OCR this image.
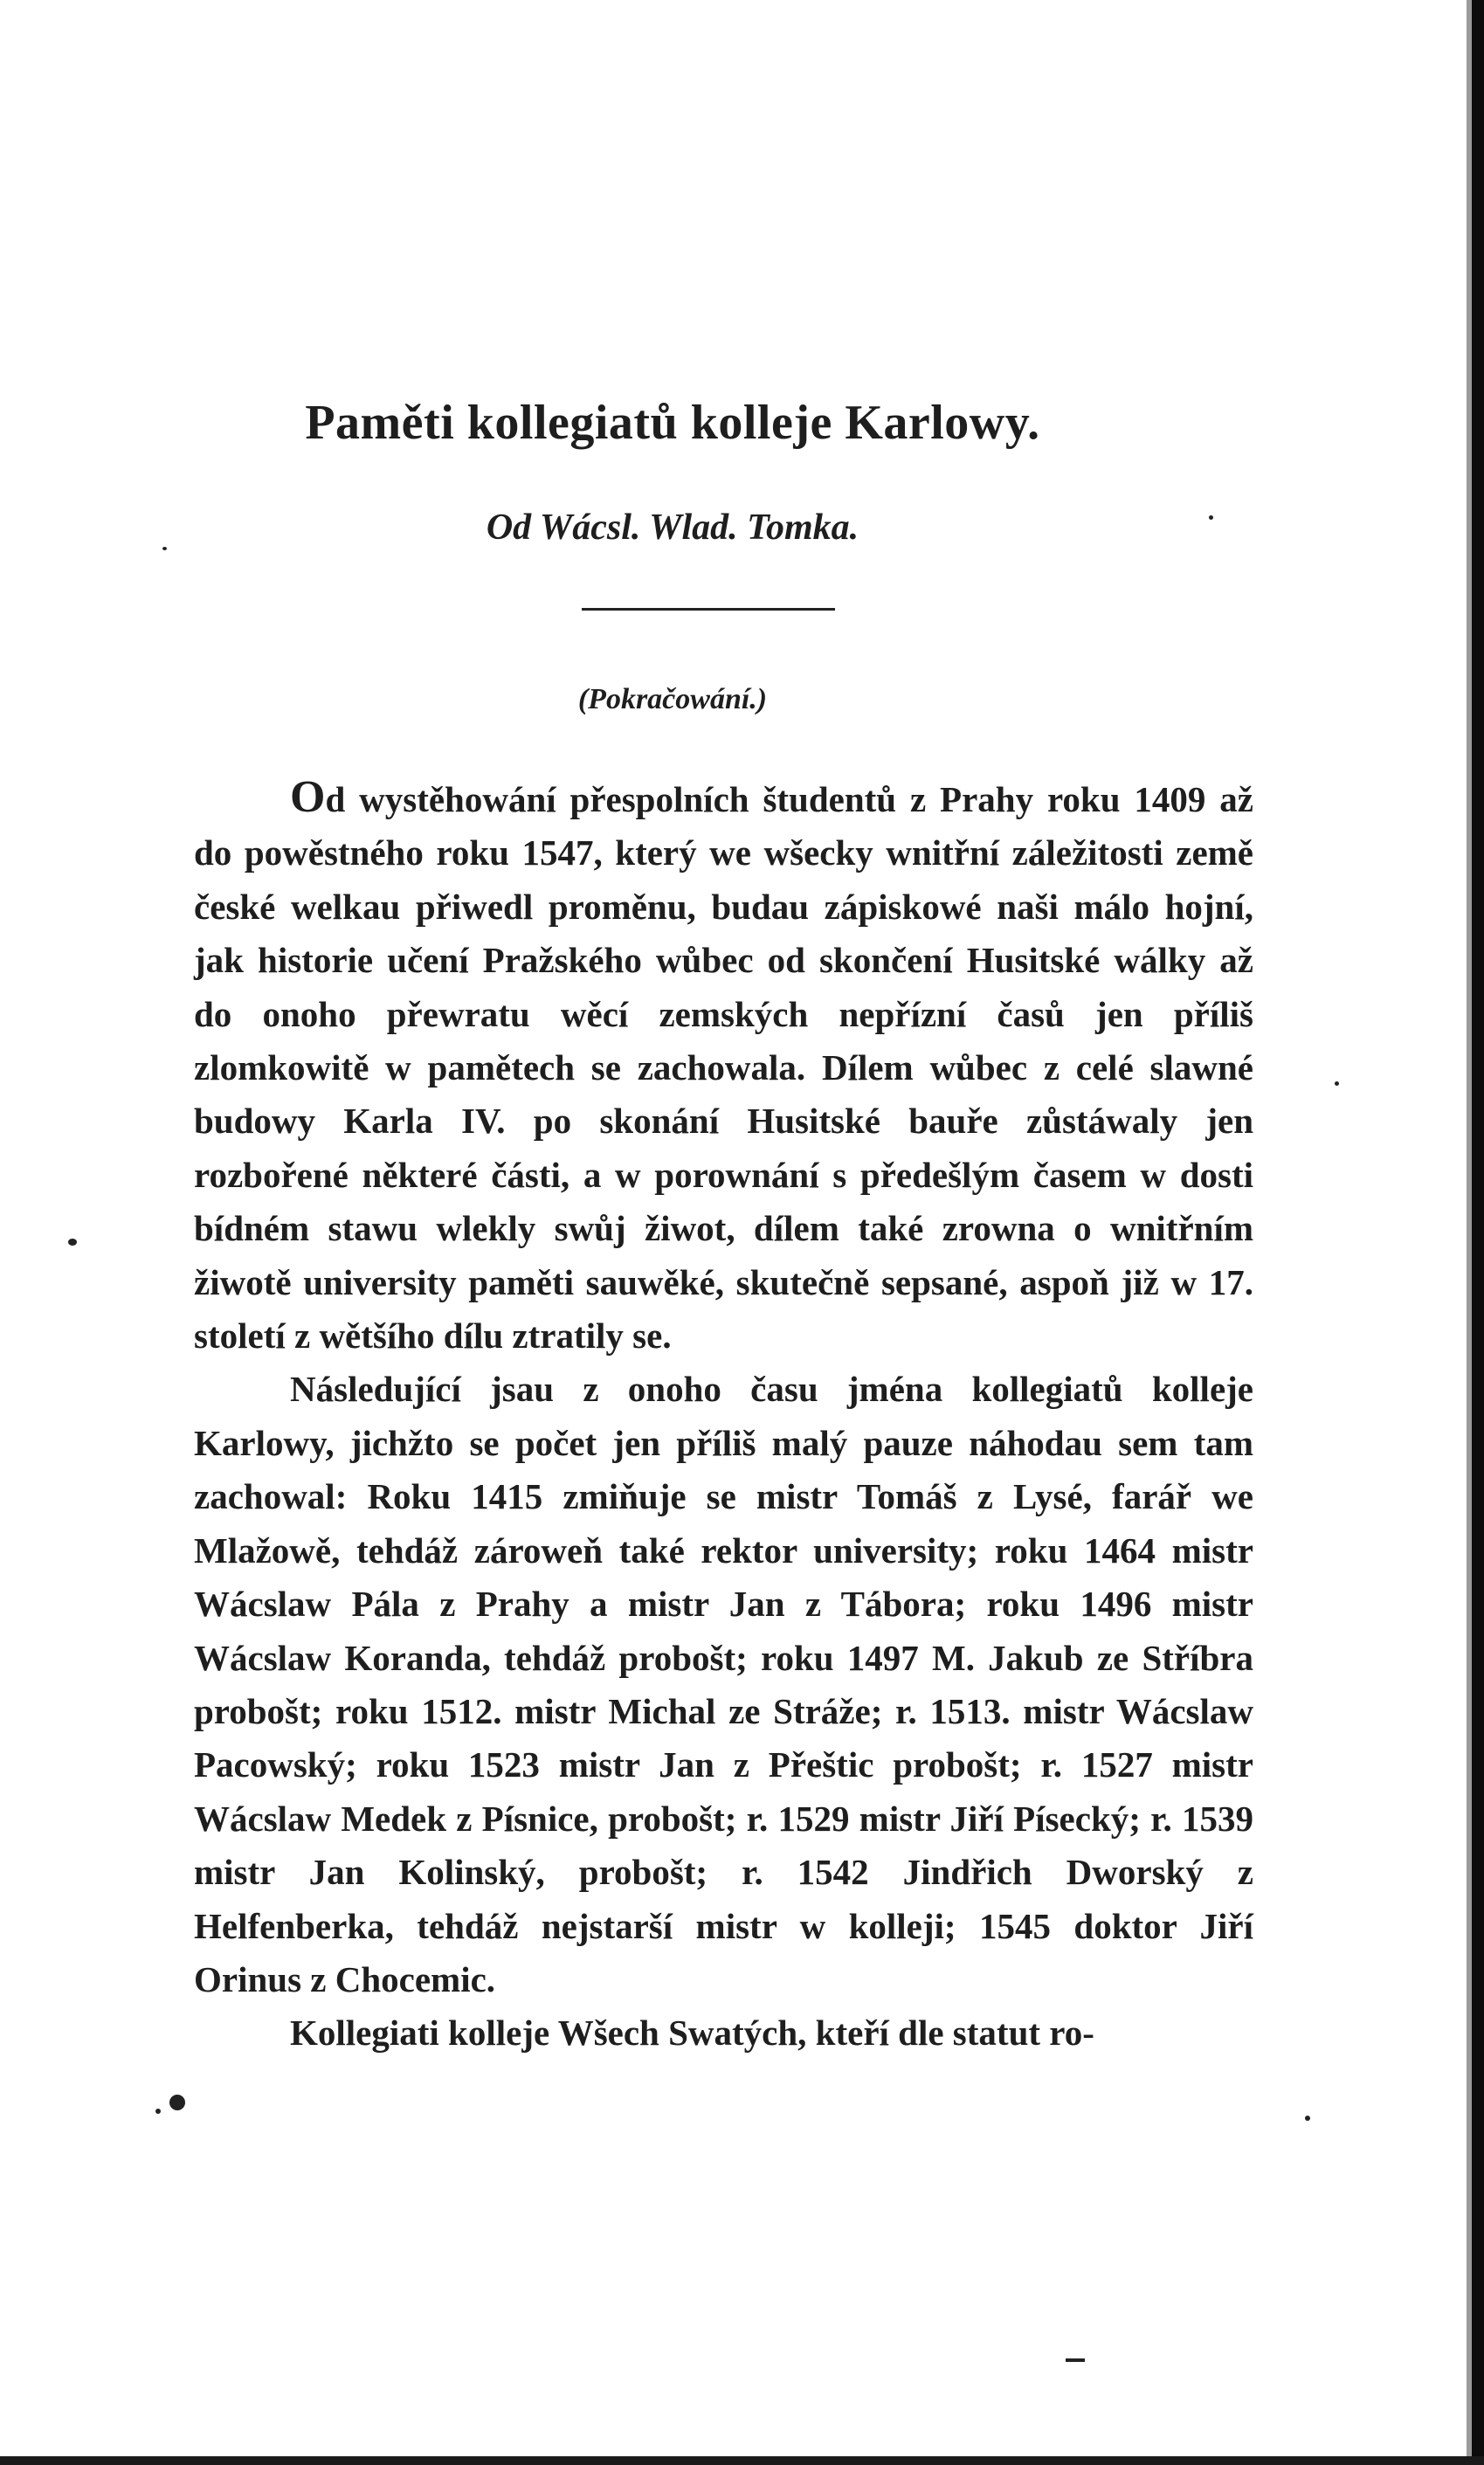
Paměti kollegiatů kolleje Karlowy.
Od Wácsl. Wlad. Tomka.
(Pokračowání.)

Od wystěhowání přespolních študentů z Prahy roku 1409 až do powěstného roku 1547, který we wšecky wnitřní záležitosti země české welkau přiwedl proměnu, budau zápiskowé naši málo hojní, jak historie učení Pražského wůbec od skončení Husitské wálky až do onoho přewratu wěcí zemských nepřízní časů jen příliš zlomkowitě w pamětech se zachowala. Dílem wůbec z celé slawné budowy Karla IV. po skonání Husitské bauře zůstáwaly jen rozbořené některé části, a w porownání s předešlým časem w dosti bídném stawu wlekly swůj žiwot, dílem také zrowna o wnitřním žiwotě university paměti sauwěké, skutečně sepsané, aspoň již w 17. století z wětšího dílu ztratily se.

Následující jsau z onoho času jména kollegiatů kolleje Karlowy, jichžto se počet jen příliš malý pauze náhodau sem tam zachowal: Roku 1415 zmiňuje se mistr Tomáš z Lysé, farář we Mlažowě, tehdáž zároweň také rektor university; roku 1464 mistr Wácslaw Pála z Prahy a mistr Jan z Tábora; roku 1496 mistr Wácslaw Koranda, tehdáž probošt; roku 1497 M. Jakub ze Stříbra probošt; roku 1512. mistr Michal ze Stráže; r. 1513. mistr Wácslaw Pacowský; roku 1523 mistr Jan z Přeštic probošt; r. 1527 mistr Wácslaw Medek z Písnice, probošt; r. 1529 mistr Jiří Písecký; r. 1539 mistr Jan Kolinský, probošt; r. 1542 Jindřich Dworský z Helfenberka, tehdáž nejstarší mistr w kolleji; 1545 doktor Jiří Orinus z Chocemic.

Kollegiati kolleje Wšech Swatých, kteří dle statut ro-
